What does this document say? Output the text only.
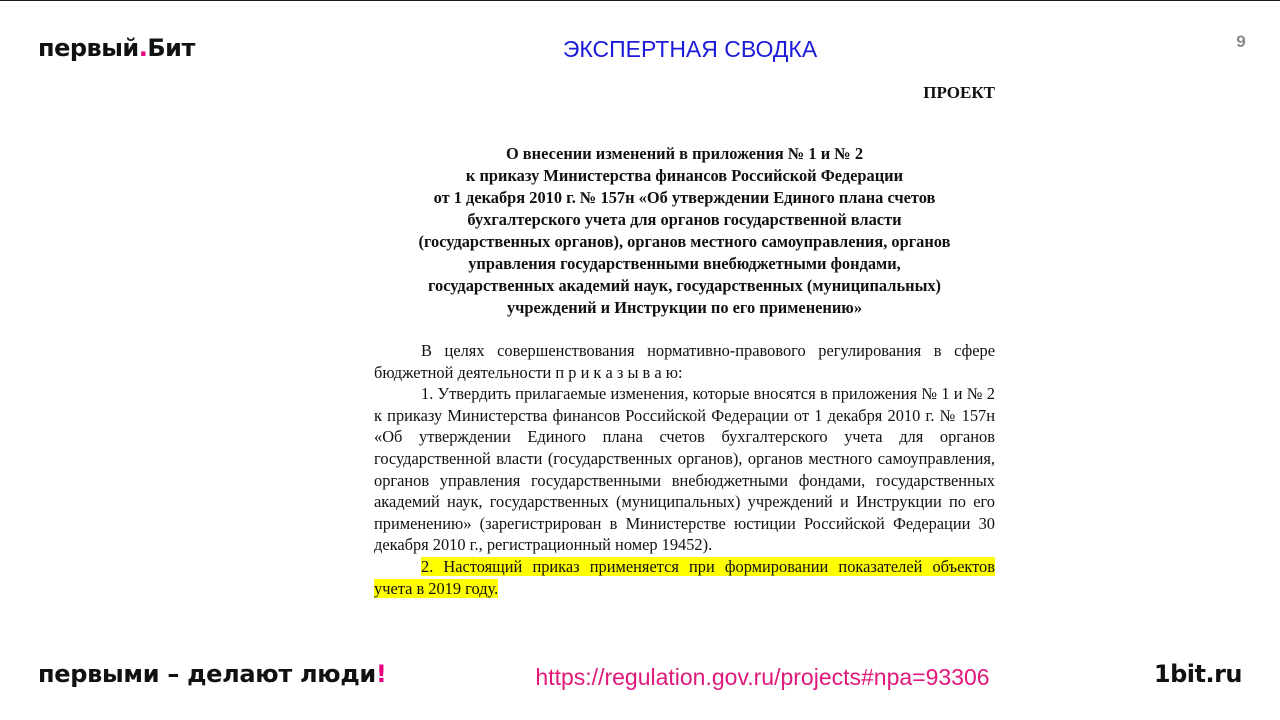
первый.Бит	ЭКСПЕРТНАЯ СВОДКА	9
ПРОЕКТ
О внесении изменений в приложения № 1 и № 2
к приказу Министерства финансов Российской Федерации
от 1 декабря 2010 г. № 157н «Об утверждении Единого плана счетов
бухгалтерского учета для органов государственной власти
(государственных органов), органов местного самоуправления, органов
управления государственными внебюджетными фондами,
государственных академий наук, государственных (муниципальных)
учреждений и Инструкции по его применению»

В целях совершенствования нормативно-правового регулирования в сфере бюджетной деятельности п р и к а з ы в а ю:

1. Утвердить прилагаемые изменения, которые вносятся в приложения № 1 и № 2 к приказу Министерства финансов Российской Федерации от 1 декабря 2010 г. № 157н «Об утверждении Единого плана счетов бухгалтерского учета для органов государственной власти (государственных органов), органов местного самоуправления, органов управления государственными внебюджетными фондами, государственных академий наук, государственных (муниципальных) учреждений и Инструкции по его применению» (зарегистрирован в Министерстве юстиции Российской Федерации 30 декабря 2010 г., регистрационный номер 19452).

2. Настоящий приказ применяется при формировании показателей объектов учета в 2019 году.

первыми – делают люди!	https://regulation.gov.ru/projects#npa=93306	1bit.ru
